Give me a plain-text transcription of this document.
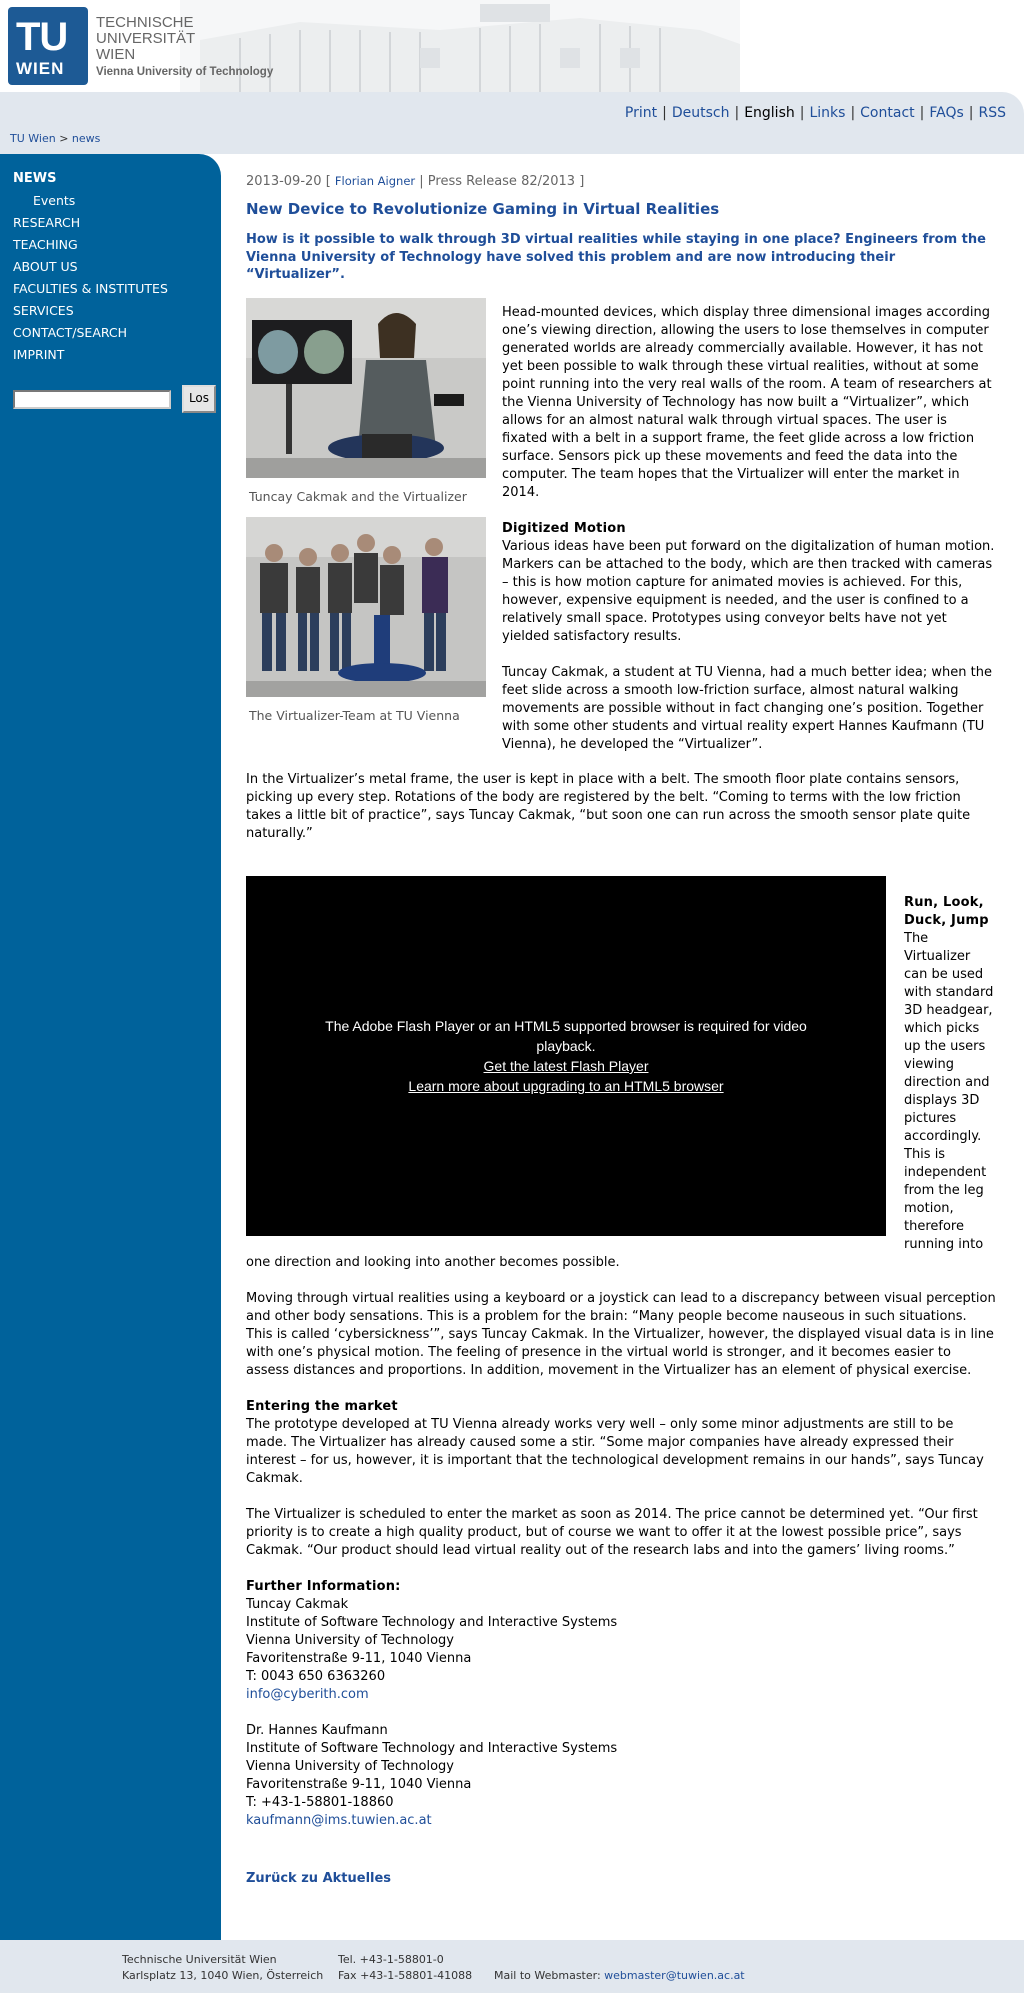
TU
WIEN
TECHNISCHE
UNIVERSITÄT
WIEN
Vienna University of Technology
Print | Deutsch | English | Links | Contact | FAQs | RSS
TU Wien > news
NEWS
Events
RESEARCH
TEACHING
ABOUT US
FACULTIES & INSTITUTES
SERVICES
CONTACT/SEARCH
IMPRINT
Los
2013-09-20 [ Florian Aigner | Press Release 82/2013 ]
New Device to Revolutionize Gaming in Virtual Realities
How is it possible to walk through 3D virtual realities while staying in one place? Engineers from the Vienna University of Technology have solved this problem and are now introducing their “Virtualizer”.
Tuncay Cakmak and the Virtualizer
The Virtualizer-Team at TU Vienna

Head-mounted devices, which display three dimensional images according one’s viewing direction, allowing the users to lose themselves in computer generated worlds are already commercially available. However, it has not yet been possible to walk through these virtual realities, without at some point running into the very real walls of the room. A team of researchers at the Vienna University of Technology has now built a “Virtualizer”, which allows for an almost natural walk through virtual spaces. The user is fixated with a belt in a support frame, the feet glide across a low friction surface. Sensors pick up these movements and feed the data into the computer. The team hopes that the Virtualizer will enter the market in 2014.

Digitized Motion

Various ideas have been put forward on the digitalization of human motion. Markers can be attached to the body, which are then tracked with cameras – this is how motion capture for animated movies is achieved. For this, however, expensive equipment is needed, and the user is confined to a relatively small space. Prototypes using conveyor belts have not yet yielded satisfactory results.

Tuncay Cakmak, a student at TU Vienna, had a much better idea; when the feet slide across a smooth low-friction surface, almost natural walking movements are possible without in fact changing one’s position. Together with some other students and virtual reality expert Hannes Kaufmann (TU Vienna), he developed the “Virtualizer”.

In the Virtualizer’s metal frame, the user is kept in place with a belt. The smooth floor plate contains sensors, picking up every step. Rotations of the body are registered by the belt. “Coming to terms with the low friction takes a little bit of practice”, says Tuncay Cakmak, “but soon one can run across the smooth sensor plate quite naturally.”

The Adobe Flash Player or an HTML5 supported browser is required for video playback.
Get the latest Flash Player
Learn more about upgrading to an HTML5 browser
Run, Look, Duck, Jump
The Virtualizer can be used with standard 3D headgear, which picks up the users viewing direction and displays 3D pictures accordingly. This is independent from the leg motion, therefore running into

one direction and looking into another becomes possible.

Moving through virtual realities using a keyboard or a joystick can lead to a discrepancy between visual perception and other body sensations. This is a problem for the brain: “Many people become nauseous in such situations. This is called ‘cybersickness’”, says Tuncay Cakmak. In the Virtualizer, however, the displayed visual data is in line with one’s physical motion. The feeling of presence in the virtual world is stronger, and it becomes easier to assess distances and proportions. In addition, movement in the Virtualizer has an element of physical exercise.

Entering the market

The prototype developed at TU Vienna already works very well – only some minor adjustments are still to be made. The Virtualizer has already caused some a stir. “Some major companies have already expressed their interest – for us, however, it is important that the technological development remains in our hands”, says Tuncay Cakmak.

The Virtualizer is scheduled to enter the market as soon as 2014. The price cannot be determined yet. “Our first priority is to create a high quality product, but of course we want to offer it at the lowest possible price”, says Cakmak. “Our product should lead virtual reality out of the research labs and into the gamers’ living rooms.”

Further Information:
Tuncay Cakmak
Institute of Software Technology and Interactive Systems
Vienna University of Technology
Favoritenstraße 9-11, 1040 Vienna
T: 0043 650 6363260
info@cyberith.com
Dr. Hannes Kaufmann
Institute of Software Technology and Interactive Systems
Vienna University of Technology
Favoritenstraße 9-11, 1040 Vienna
T: +43-1-58801-18860
kaufmann@ims.tuwien.ac.at
Zurück zu Aktuelles
Technische Universität Wien
Karlsplatz 13, 1040 Wien, Österreich
Tel. +43-1-58801-0
Fax +43-1-58801-41088 Mail to Webmaster: webmaster@tuwien.ac.at
